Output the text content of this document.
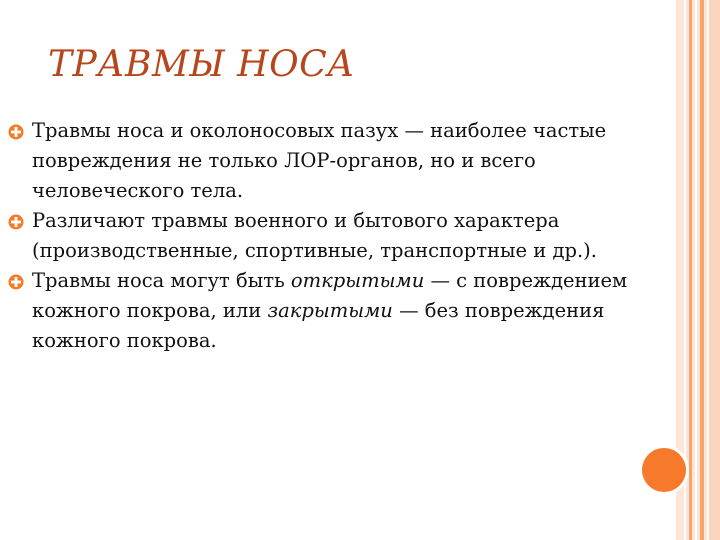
ТРАВМЫ НОСА
Травмы носа и околоносовых пазух — наиболее частые повреждения не только ЛОР-органов, но и всего человеческого тела.
Различают травмы военного и бытового характера (производственные, спортивные, транспортные и др.).
Травмы носа могут быть открытыми — с повреждением кожного покрова, или закрытыми — без повреждения кожного покрова.
